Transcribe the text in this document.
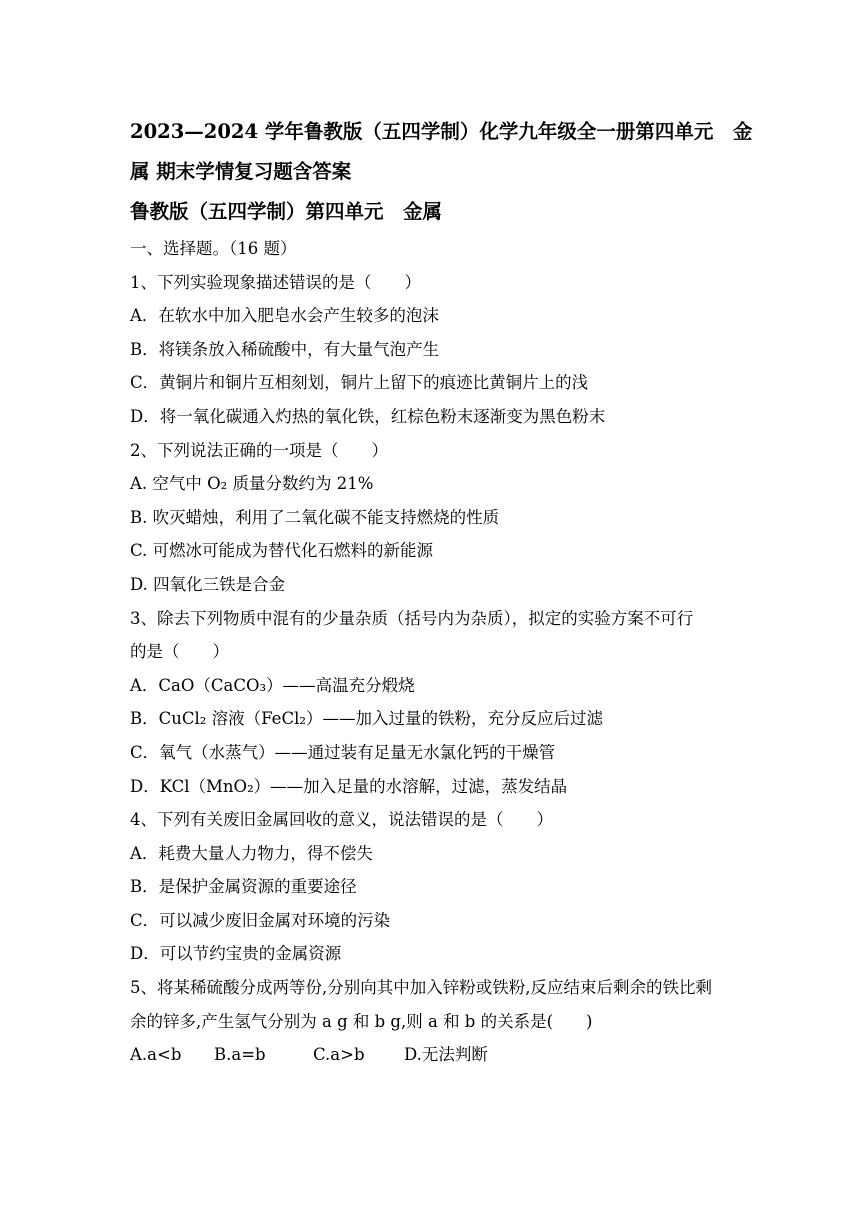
2023—2024 学年鲁教版（五四学制）化学九年级全一册第四单元　金

属 期末学情复习题含答案

鲁教版（五四学制）第四单元　金属

一、选择题。（16 题）

1、下列实验现象描述错误的是（　　）

A．在软水中加入肥皂水会产生较多的泡沫

B．将镁条放入稀硫酸中，有大量气泡产生

C．黄铜片和铜片互相刻划，铜片上留下的痕迹比黄铜片上的浅

D．将一氧化碳通入灼热的氧化铁，红棕色粉末逐渐变为黑色粉末

2、下列说法正确的一项是（　　）

A. 空气中 O₂ 质量分数约为 21%

B. 吹灭蜡烛，利用了二氧化碳不能支持燃烧的性质

C. 可燃冰可能成为替代化石燃料的新能源

D. 四氧化三铁是合金

3、除去下列物质中混有的少量杂质（括号内为杂质），拟定的实验方案不可行

的是（　　）

A．CaO（CaCO₃）——高温充分煅烧

B．CuCl₂ 溶液（FeCl₂）——加入过量的铁粉，充分反应后过滤

C．氧气（水蒸气）——通过装有足量无水氯化钙的干燥管

D．KCl（MnO₂）——加入足量的水溶解，过滤，蒸发结晶

4、下列有关废旧金属回收的意义，说法错误的是（　　）

A．耗费大量人力物力，得不偿失

B．是保护金属资源的重要途径

C．可以减少废旧金属对环境的污染

D．可以节约宝贵的金属资源

5、将某稀硫酸分成两等份,分别向其中加入锌粉或铁粉,反应结束后剩余的铁比剩

余的锌多,产生氢气分别为 a g 和 b g,则 a 和 b 的关系是(　　)

A.a<b	B.a=b	C.a>b	D.无法判断
